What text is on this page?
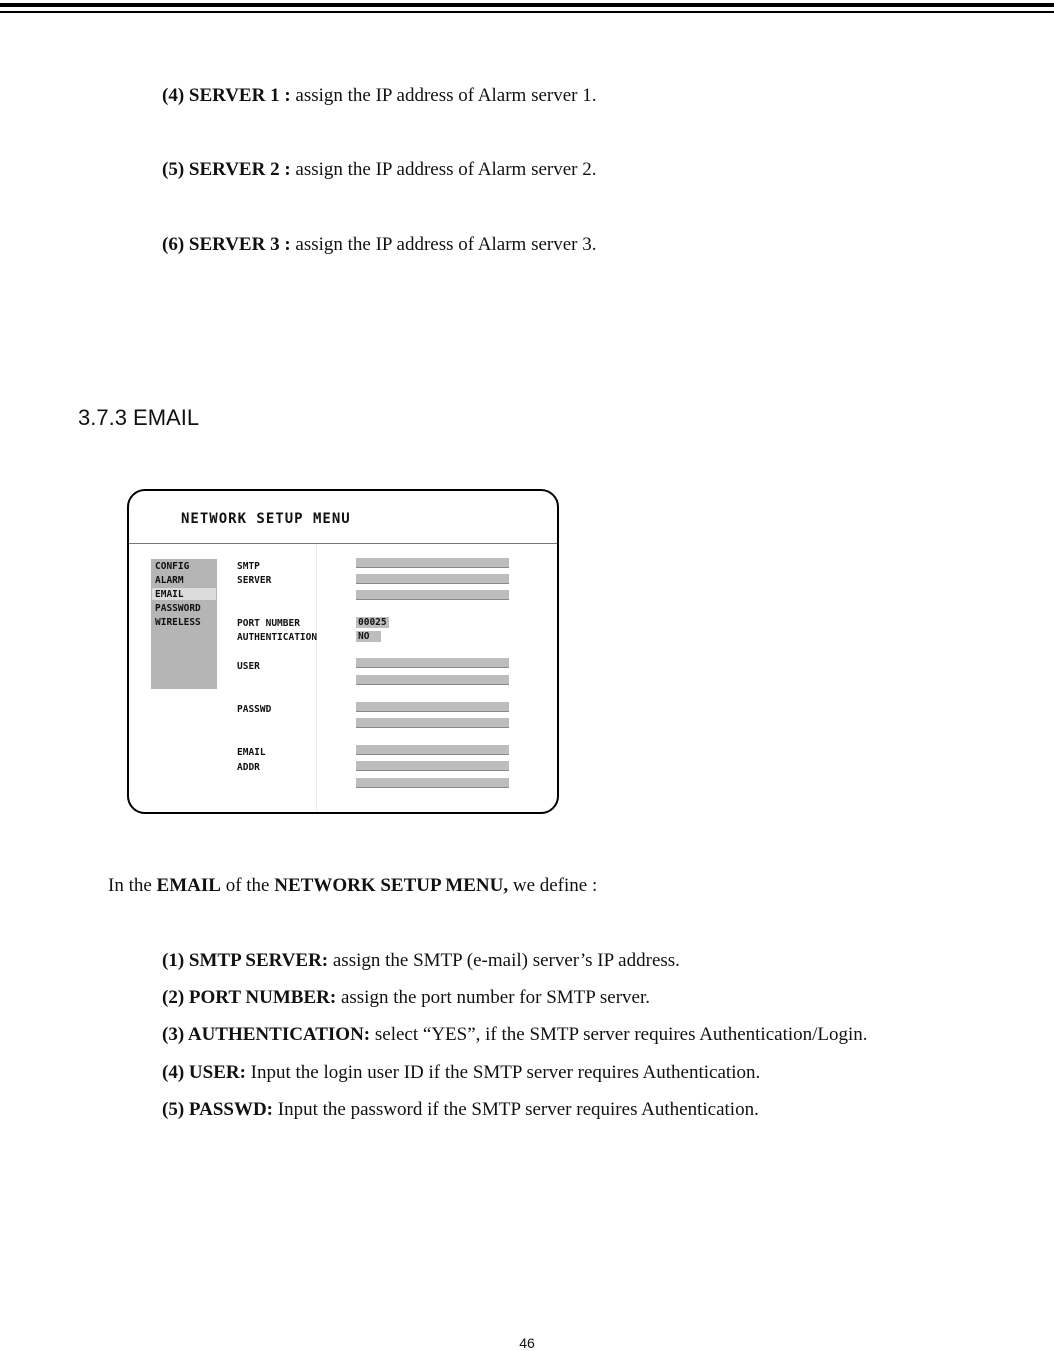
(4) SERVER 1 : assign the IP address of Alarm server 1.
(5) SERVER 2 : assign the IP address of Alarm server 2.
(6) SERVER 3 : assign the IP address of Alarm server 3.
3.7.3 EMAIL
NETWORK SETUP MENU
CONFIG
ALARM
EMAIL
PASSWORD
WIRELESS
SMTP
SERVER
PORT NUMBER	00025
AUTHENTICATION	NO
USER
PASSWD
EMAIL
ADDR
In the EMAIL of the NETWORK SETUP MENU, we define :
(1) SMTP SERVER: assign the SMTP (e-mail) server’s IP address.
(2) PORT NUMBER: assign the port number for SMTP server.
(3) AUTHENTICATION: select “YES”, if the SMTP server requires Authentication/Login.
(4) USER: Input the login user ID if the SMTP server requires Authentication.
(5) PASSWD: Input the password if the SMTP server requires Authentication.
46
